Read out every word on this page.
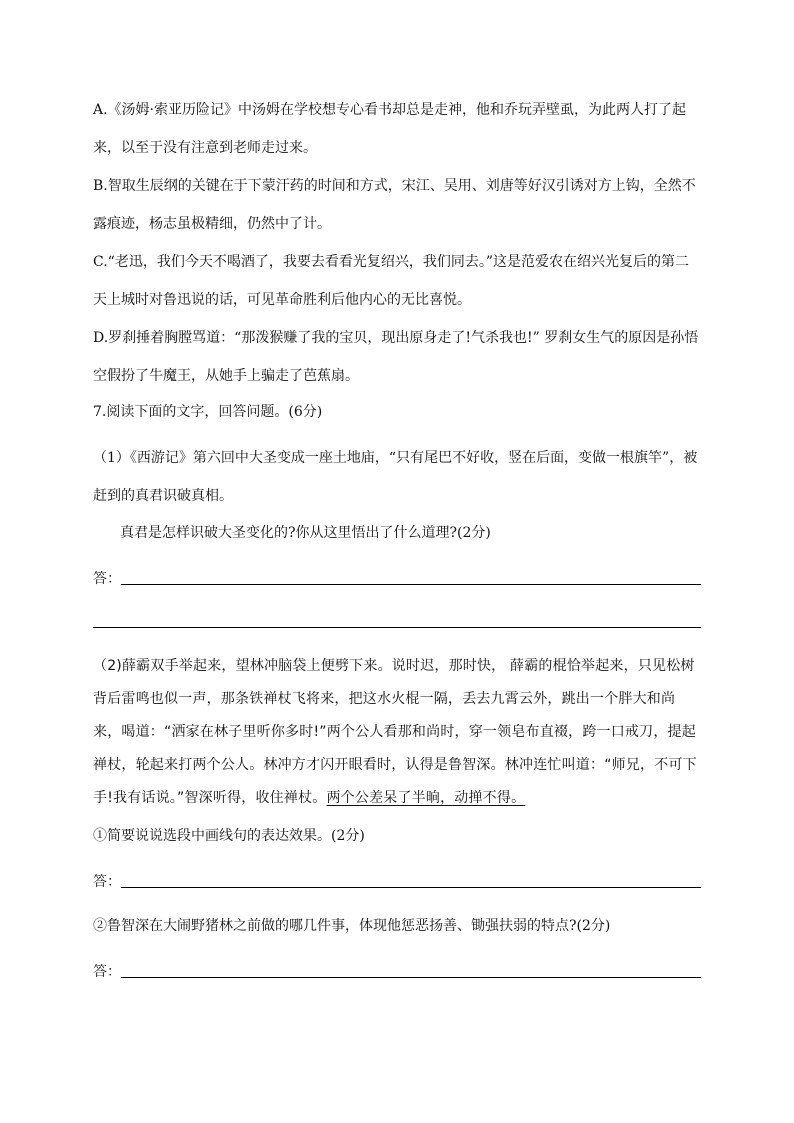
A.《汤姆·索亚历险记》中汤姆在学校想专心看书却总是走神，他和乔玩弄壁虱，为此两人打了起来，以至于没有注意到老师走过来。

B.智取生辰纲的关键在于下蒙汗药的时间和方式，宋江、吴用、刘唐等好汉引诱对方上钩，全然不露痕迹，杨志虽极精细，仍然中了计。

C.“老迅，我们今天不喝酒了，我要去看看光复绍兴，我们同去。”这是范爱农在绍兴光复后的第二天上城时对鲁迅说的话，可见革命胜利后他内心的无比喜悦。

D.罗刹捶着胸膛骂道：“那泼猴赚了我的宝贝，现出原身走了!气杀我也!” 罗刹女生气的原因是孙悟空假扮了牛魔王，从她手上骗走了芭蕉扇。

7.阅读下面的文字，回答问题。(6分)

（1）《西游记》第六回中大圣变成一座土地庙，“只有尾巴不好收，竖在后面，变做一根旗竿”，被赶到的真君识破真相。

真君是怎样识破大圣变化的?你从这里悟出了什么道理?(2分)
答：
（2)薛霸双手举起来，望林冲脑袋上便劈下来。说时迟，那时快， 薛霸的棍恰举起来，只见松树背后雷鸣也似一声，那条铁禅杖飞将来，把这水火棍一隔，丢去九霄云外，跳出一个胖大和尚来，喝道：“洒家在林子里听你多时!”两个公人看那和尚时，穿一领皂布直裰，跨一口戒刀，提起禅杖，轮起来打两个公人。林冲方才闪开眼看时，认得是鲁智深。林冲连忙叫道：“师兄，不可下手!我有话说。”智深听得，收住禅杖。两个公差呆了半晌，动掸不得。
①简要说说选段中画线句的表达效果。(2分)
答：
②鲁智深在大闹野猪林之前做的哪几件事，体现他惩恶扬善、锄强扶弱的特点?(2分)
答：
